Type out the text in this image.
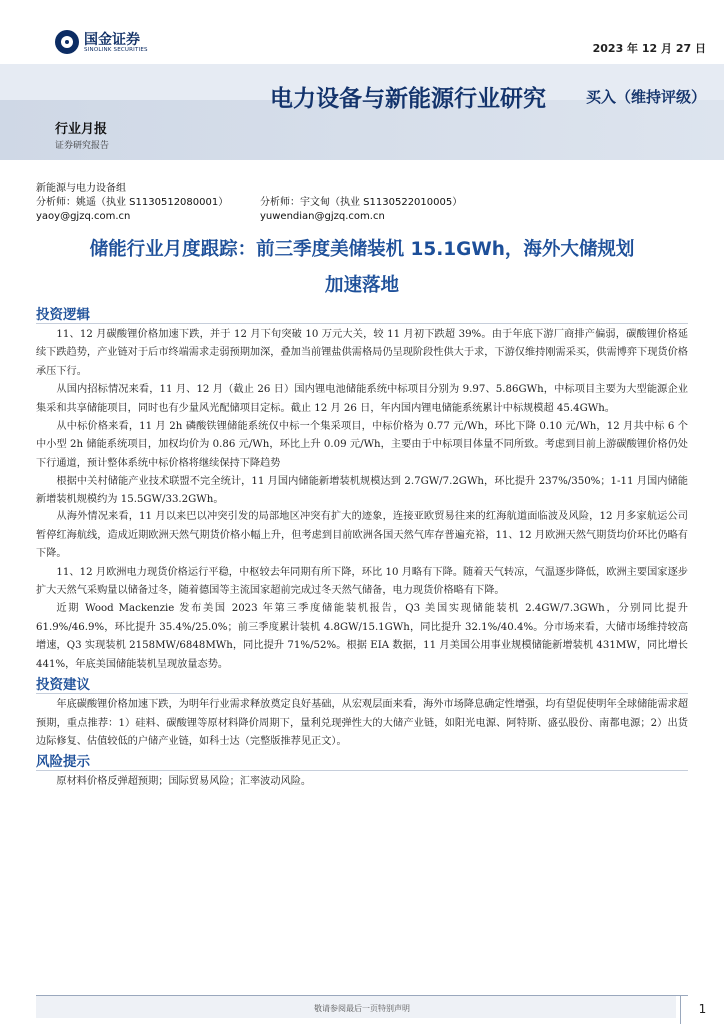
国金证券
SINOLINK SECURITIES	2023 年 12 月 27 日
电力设备与新能源行业研究	买入（维持评级）
行业月报
证券研究报告
新能源与电力设备组
分析师：姚遥（执业 S1130512080001）	分析师：宇文甸（执业 S1130522010005）
yaoy@gjzq.com.cn	yuwendian@gjzq.com.cn
储能行业月度跟踪：前三季度美储装机 15.1GWh，海外大储规划
加速落地
投资逻辑

11、12 月碳酸锂价格加速下跌，并于 12 月下旬突破 10 万元大关，较 11 月初下跌超 39%。由于年底下游厂商排产偏弱，碳酸锂价格延续下跌趋势，产业链对于后市终端需求走弱预期加深，叠加当前锂盐供需格局仍呈现阶段性供大于求，下游仅维持刚需采买，供需博弈下现货价格承压下行。

从国内招标情况来看，11 月、12 月（截止 26 日）国内锂电池储能系统中标项目分别为 9.97、5.86GWh，中标项目主要为大型能源企业集采和共享储能项目，同时也有少量风光配储项目定标。截止 12 月 26 日，年内国内锂电储能系统累计中标规模超 45.4GWh。

从中标价格来看，11 月 2h 磷酸铁锂储能系统仅中标一个集采项目，中标价格为 0.77 元/Wh，环比下降 0.10 元/Wh，12 月共中标 6 个中小型 2h 储能系统项目，加权均价为 0.86 元/Wh，环比上升 0.09 元/Wh，主要由于中标项目体量不同所致。考虑到目前上游碳酸锂价格仍处下行通道，预计整体系统中标价格将继续保持下降趋势

根据中关村储能产业技术联盟不完全统计，11 月国内储能新增装机规模达到 2.7GW/7.2GWh，环比提升 237%/350%；1-11 月国内储能新增装机规模约为 15.5GW/33.2GWh。

从海外情况来看，11 月以来巴以冲突引发的局部地区冲突有扩大的迹象，连接亚欧贸易往来的红海航道面临波及风险，12 月多家航运公司暂停红海航线，造成近期欧洲天然气期货价格小幅上升，但考虑到目前欧洲各国天然气库存普遍充裕，11、12 月欧洲天然气期货均价环比仍略有下降。

11、12 月欧洲电力现货价格运行平稳，中枢较去年同期有所下降，环比 10 月略有下降。随着天气转凉，气温逐步降低，欧洲主要国家逐步扩大天然气采购量以储备过冬，随着德国等主流国家超前完成过冬天然气储备，电力现货价格略有下降。

近期 Wood Mackenzie 发布美国 2023 年第三季度储能装机报告，Q3 美国实现储能装机 2.4GW/7.3GWh，分别同比提升 61.9%/46.9%，环比提升 35.4%/25.0%；前三季度累计装机 4.8GW/15.1GWh，同比提升 32.1%/40.4%。分市场来看，大储市场维持较高增速，Q3 实现装机 2158MW/6848MWh，同比提升 71%/52%。根据 EIA 数据，11 月美国公用事业规模储能新增装机 431MW，同比增长 441%，年底美国储能装机呈现放量态势。

投资建议

年底碳酸锂价格加速下跌，为明年行业需求释放奠定良好基础，从宏观层面来看，海外市场降息确定性增强，均有望促使明年全球储能需求超预期，重点推荐：1）硅料、碳酸锂等原材料降价周期下，量利兑现弹性大的大储产业链，如阳光电源、阿特斯、盛弘股份、南都电源；2）出货边际修复、估值较低的户储产业链，如科士达（完整版推荐见正文）。

风险提示

原材料价格反弹超预期；国际贸易风险；汇率波动风险。

敬请参阅最后一页特别声明	1
